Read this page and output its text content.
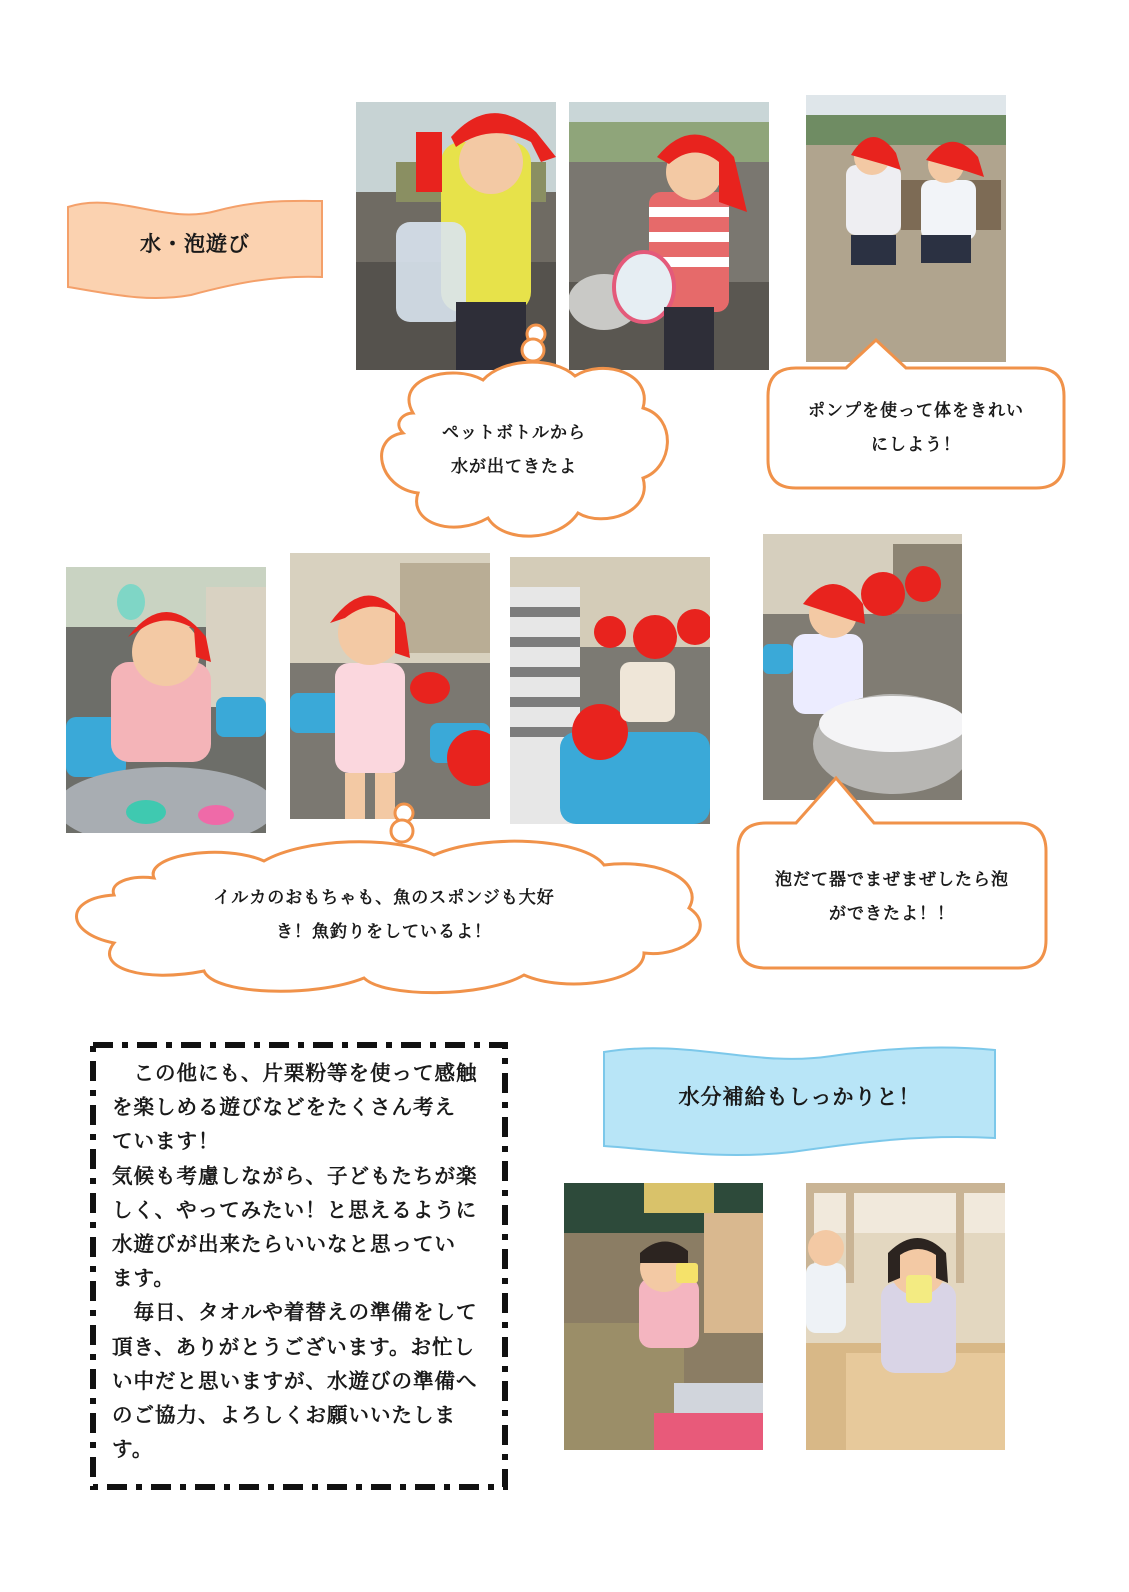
水・泡遊び
ペットボトルから
水が出てきたよ
ポンプを使って体をきれい
にしよう！
イルカのおもちゃも、魚のスポンジも大好
き！魚釣りをしているよ！
泡だて器でまぜまぜしたら泡
ができたよ！！

　この他にも、片栗粉等を使って感触

を楽しめる遊びなどをたくさん考え

ています！

気候も考慮しながら、子どもたちが楽

しく、やってみたい！と思えるように

水遊びが出来たらいいなと思ってい

ます。

　毎日、タオルや着替えの準備をして

頂き、ありがとうございます。お忙し

い中だと思いますが、水遊びの準備へ

のご協力、よろしくお願いいたしま

す。

水分補給もしっかりと！
